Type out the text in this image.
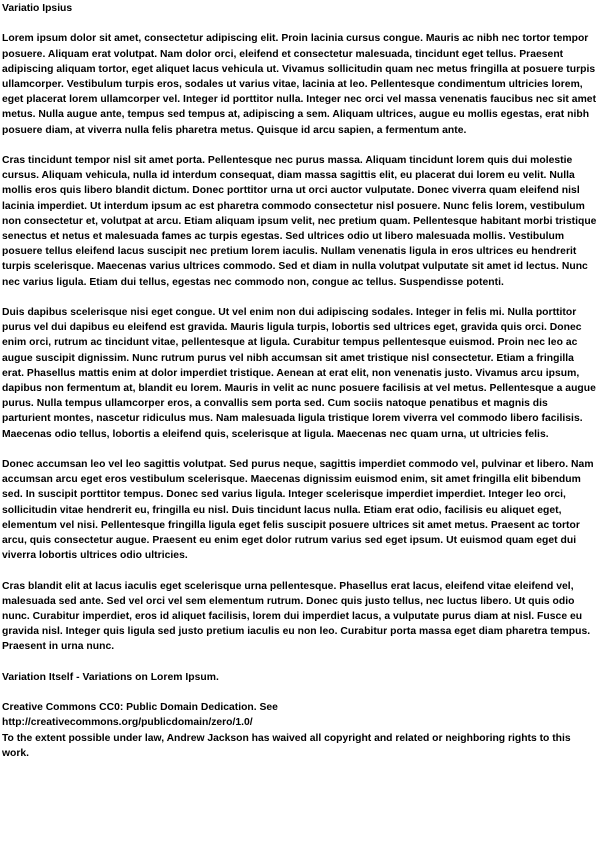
Variatio Ipsius

Lorem ipsum dolor sit amet, consectetur adipiscing elit. Proin lacinia cursus congue. Mauris ac nibh nec tortor tempor posuere. Aliquam erat volutpat. Nam dolor orci, eleifend et consectetur malesuada, tincidunt eget tellus. Praesent adipiscing aliquam tortor, eget aliquet lacus vehicula ut. Vivamus sollicitudin quam nec metus fringilla at posuere turpis ullamcorper. Vestibulum turpis eros, sodales ut varius vitae, lacinia at leo. Pellentesque condimentum ultricies lorem, eget placerat lorem ullamcorper vel. Integer id porttitor nulla. Integer nec orci vel massa venenatis faucibus nec sit amet metus. Nulla augue ante, tempus sed tempus at, adipiscing a sem. Aliquam ultrices, augue eu mollis egestas, erat nibh posuere diam, at viverra nulla felis pharetra metus. Quisque id arcu sapien, a fermentum ante.

Cras tincidunt tempor nisl sit amet porta. Pellentesque nec purus massa. Aliquam tincidunt lorem quis dui molestie cursus. Aliquam vehicula, nulla id interdum consequat, diam massa sagittis elit, eu placerat dui lorem eu velit. Nulla mollis eros quis libero blandit dictum. Donec porttitor urna ut orci auctor vulputate. Donec viverra quam eleifend nisl lacinia imperdiet. Ut interdum ipsum ac est pharetra commodo consectetur nisl posuere. Nunc felis lorem, vestibulum non consectetur et, volutpat at arcu. Etiam aliquam ipsum velit, nec pretium quam. Pellentesque habitant morbi tristique senectus et netus et malesuada fames ac turpis egestas. Sed ultrices odio ut libero malesuada mollis. Vestibulum posuere tellus eleifend lacus suscipit nec pretium lorem iaculis. Nullam venenatis ligula in eros ultrices eu hendrerit turpis scelerisque. Maecenas varius ultrices commodo. Sed et diam in nulla volutpat vulputate sit amet id lectus. Nunc nec varius ligula. Etiam dui tellus, egestas nec commodo non, congue ac tellus. Suspendisse potenti.

Duis dapibus scelerisque nisi eget congue. Ut vel enim non dui adipiscing sodales. Integer in felis mi. Nulla porttitor purus vel dui dapibus eu eleifend est gravida. Mauris ligula turpis, lobortis sed ultrices eget, gravida quis orci. Donec enim orci, rutrum ac tincidunt vitae, pellentesque at ligula. Curabitur tempus pellentesque euismod. Proin nec leo ac augue suscipit dignissim. Nunc rutrum purus vel nibh accumsan sit amet tristique nisl consectetur. Etiam a fringilla erat. Phasellus mattis enim at dolor imperdiet tristique. Aenean at erat elit, non venenatis justo. Vivamus arcu ipsum, dapibus non fermentum at, blandit eu lorem. Mauris in velit ac nunc posuere facilisis at vel metus. Pellentesque a augue purus. Nulla tempus ullamcorper eros, a convallis sem porta sed. Cum sociis natoque penatibus et magnis dis parturient montes, nascetur ridiculus mus. Nam malesuada ligula tristique lorem viverra vel commodo libero facilisis. Maecenas odio tellus, lobortis a eleifend quis, scelerisque at ligula. Maecenas nec quam urna, ut ultricies felis.

Donec accumsan leo vel leo sagittis volutpat. Sed purus neque, sagittis imperdiet commodo vel, pulvinar et libero. Nam accumsan arcu eget eros vestibulum scelerisque. Maecenas dignissim euismod enim, sit amet fringilla elit bibendum sed. In suscipit porttitor tempus. Donec sed varius ligula. Integer scelerisque imperdiet imperdiet. Integer leo orci, sollicitudin vitae hendrerit eu, fringilla eu nisl. Duis tincidunt lacus nulla. Etiam erat odio, facilisis eu aliquet eget, elementum vel nisi. Pellentesque fringilla ligula eget felis suscipit posuere ultrices sit amet metus. Praesent ac tortor arcu, quis consectetur augue. Praesent eu enim eget dolor rutrum varius sed eget ipsum. Ut euismod quam eget dui viverra lobortis ultrices odio ultricies.

Cras blandit elit at lacus iaculis eget scelerisque urna pellentesque. Phasellus erat lacus, eleifend vitae eleifend vel, malesuada sed ante. Sed vel orci vel sem elementum rutrum. Donec quis justo tellus, nec luctus libero. Ut quis odio nunc. Curabitur imperdiet, eros id aliquet facilisis, lorem dui imperdiet lacus, a vulputate purus diam at nisl. Fusce eu gravida nisl. Integer quis ligula sed justo pretium iaculis eu non leo. Curabitur porta massa eget diam pharetra tempus. Praesent in urna nunc.

Variation Itself - Variations on Lorem Ipsum.

Creative Commons CC0: Public Domain Dedication. See
http://creativecommons.org/publicdomain/zero/1.0/
To the extent possible under law, Andrew Jackson has waived all copyright and related or neighboring rights to this work.
